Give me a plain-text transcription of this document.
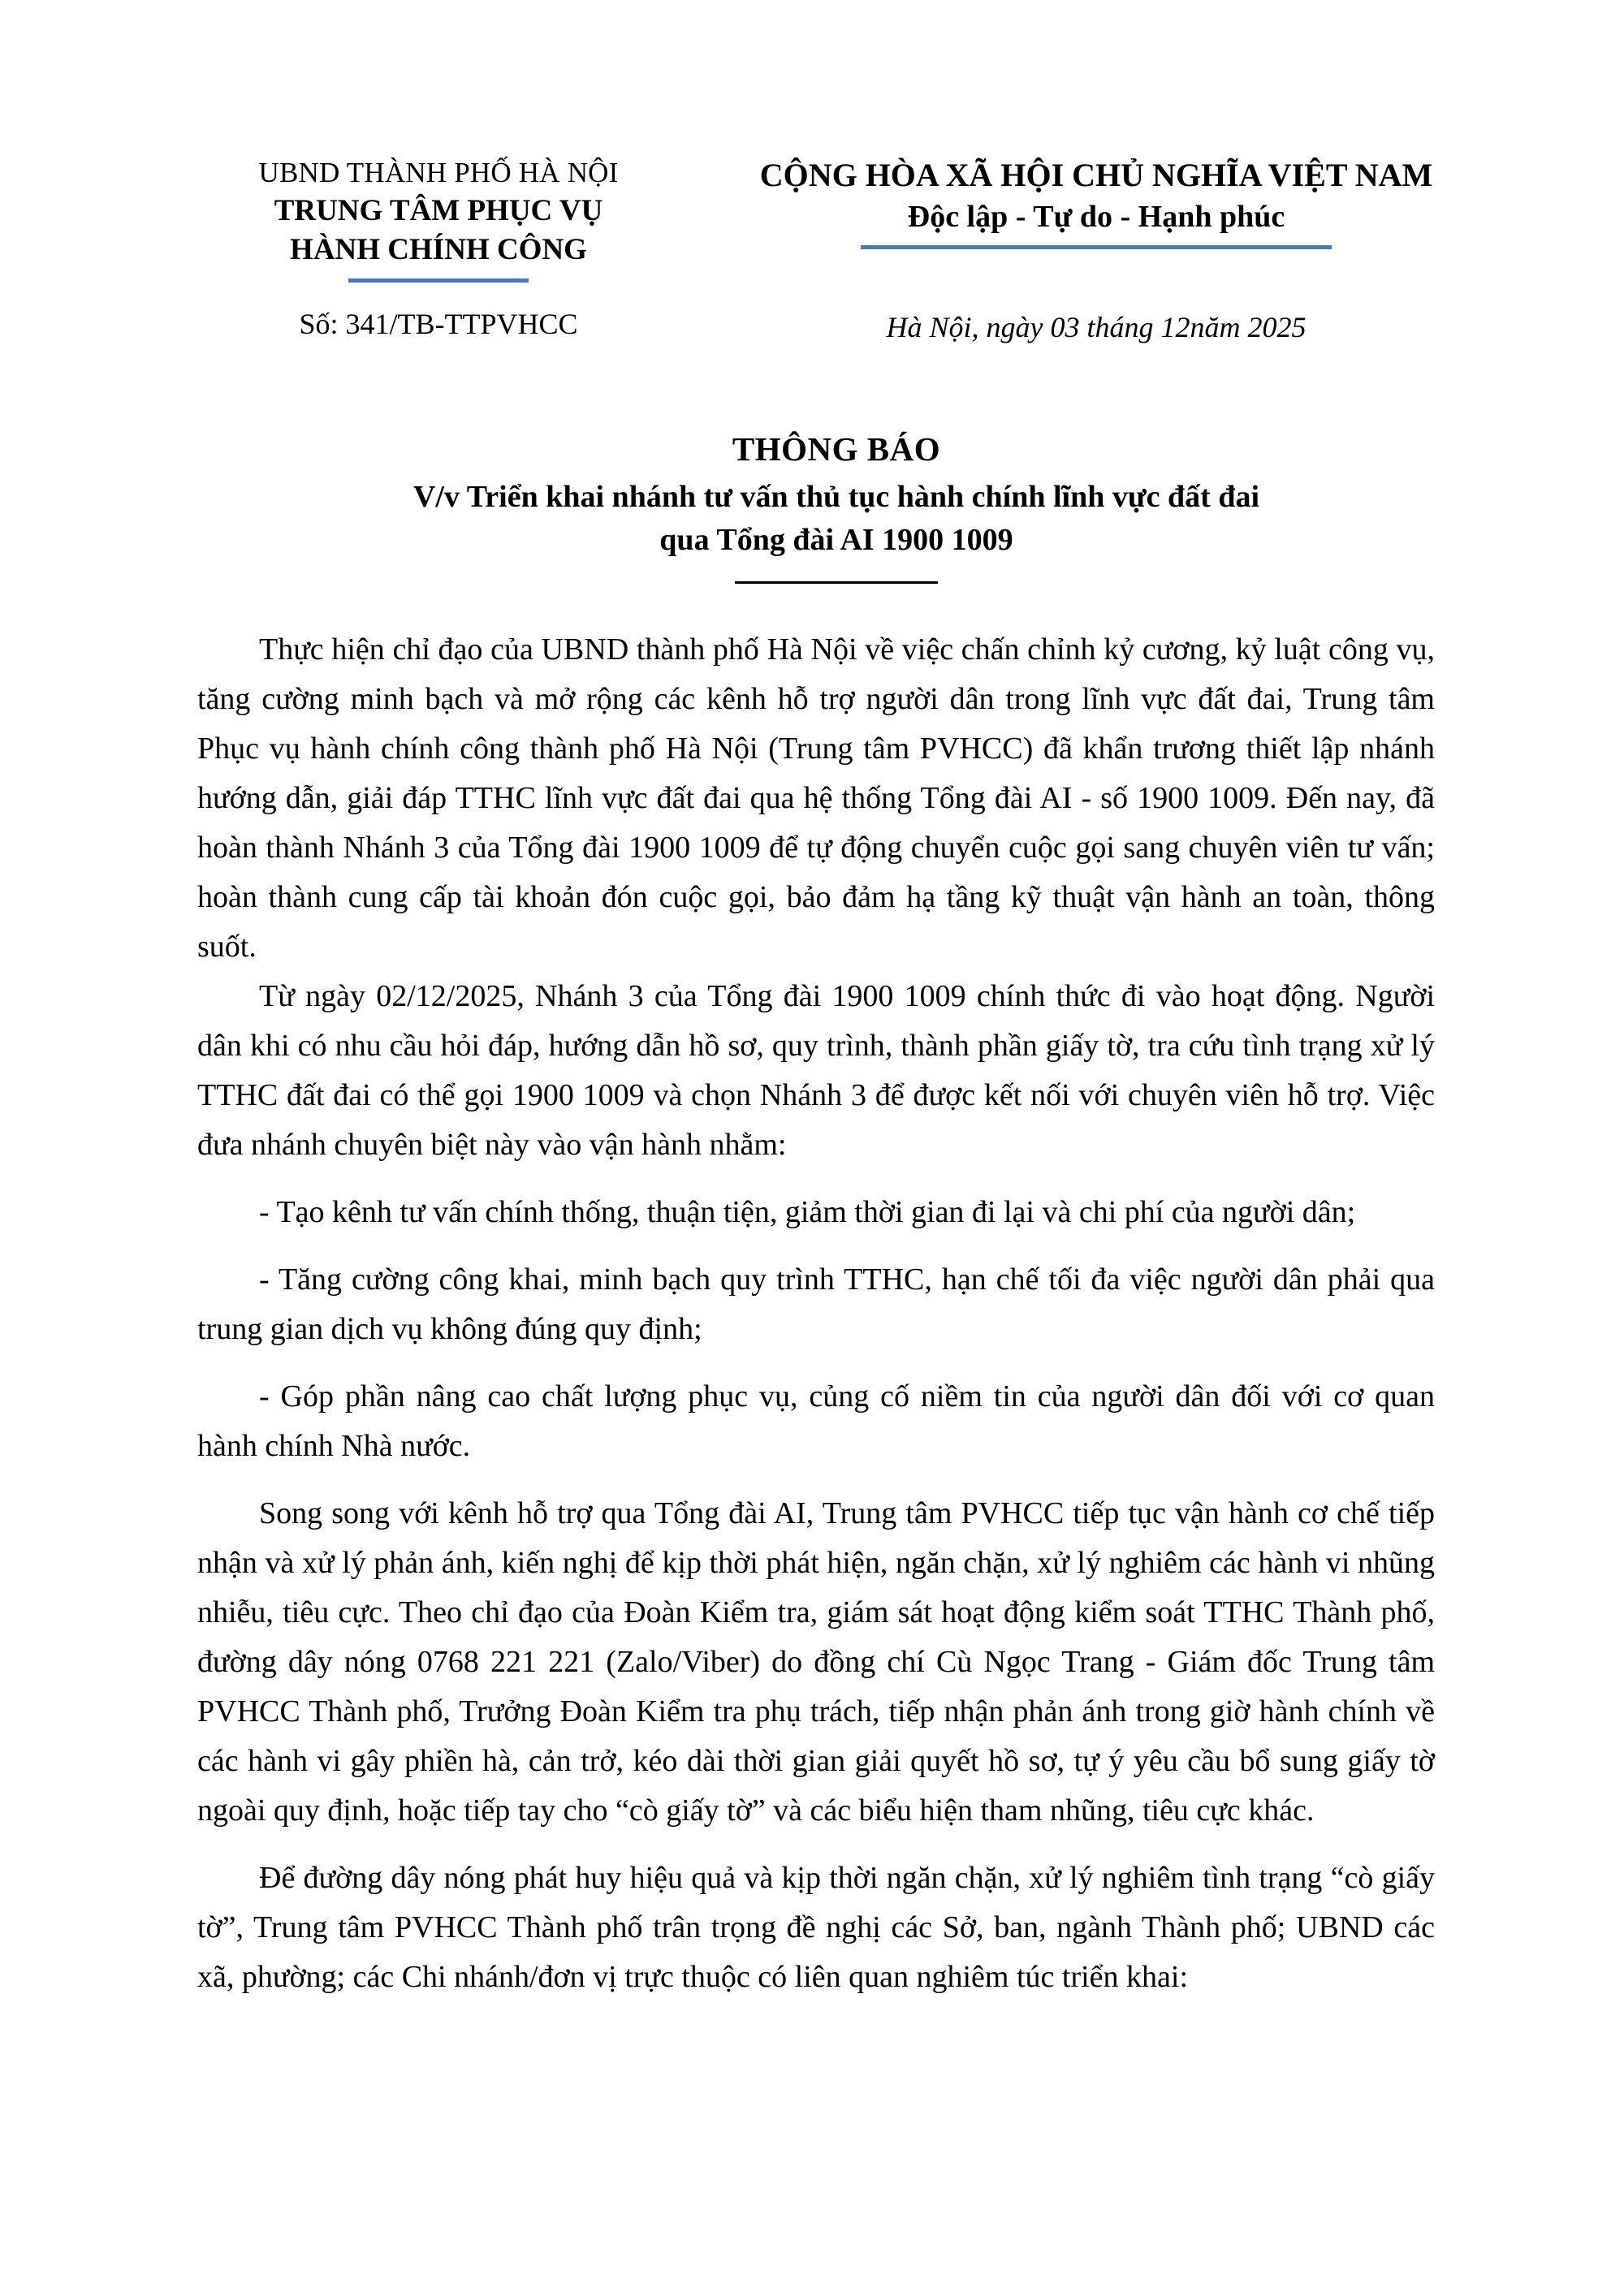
UBND THÀNH PHỐ HÀ NỘI
TRUNG TÂM PHỤC VỤ
HÀNH CHÍNH CÔNG
CỘNG HÒA XÃ HỘI CHỦ NGHĨA VIỆT NAM
Độc lập - Tự do - Hạnh phúc
Số: 341/TB-TTPVHCC	Hà Nội, ngày 03 tháng 12năm 2025
THÔNG BÁO
V/v Triển khai nhánh tư vấn thủ tục hành chính lĩnh vực đất đai
qua Tổng đài AI 1900 1009

Thực hiện chỉ đạo của UBND thành phố Hà Nội về việc chấn chỉnh kỷ cương, kỷ luật công vụ, tăng cường minh bạch và mở rộng các kênh hỗ trợ người dân trong lĩnh vực đất đai, Trung tâm Phục vụ hành chính công thành phố Hà Nội (Trung tâm PVHCC) đã khẩn trương thiết lập nhánh hướng dẫn, giải đáp TTHC lĩnh vực đất đai qua hệ thống Tổng đài AI - số 1900 1009. Đến nay, đã hoàn thành Nhánh 3 của Tổng đài 1900 1009 để tự động chuyển cuộc gọi sang chuyên viên tư vấn; hoàn thành cung cấp tài khoản đón cuộc gọi, bảo đảm hạ tầng kỹ thuật vận hành an toàn, thông suốt.

Từ ngày 02/12/2025, Nhánh 3 của Tổng đài 1900 1009 chính thức đi vào hoạt động. Người dân khi có nhu cầu hỏi đáp, hướng dẫn hồ sơ, quy trình, thành phần giấy tờ, tra cứu tình trạng xử lý TTHC đất đai có thể gọi 1900 1009 và chọn Nhánh 3 để được kết nối với chuyên viên hỗ trợ. Việc đưa nhánh chuyên biệt này vào vận hành nhằm:

- Tạo kênh tư vấn chính thống, thuận tiện, giảm thời gian đi lại và chi phí của người dân;

- Tăng cường công khai, minh bạch quy trình TTHC, hạn chế tối đa việc người dân phải qua trung gian dịch vụ không đúng quy định;

- Góp phần nâng cao chất lượng phục vụ, củng cố niềm tin của người dân đối với cơ quan hành chính Nhà nước.

Song song với kênh hỗ trợ qua Tổng đài AI, Trung tâm PVHCC tiếp tục vận hành cơ chế tiếp nhận và xử lý phản ánh, kiến nghị để kịp thời phát hiện, ngăn chặn, xử lý nghiêm các hành vi nhũng nhiễu, tiêu cực. Theo chỉ đạo của Đoàn Kiểm tra, giám sát hoạt động kiểm soát TTHC Thành phố, đường dây nóng 0768 221 221 (Zalo/Viber) do đồng chí Cù Ngọc Trang - Giám đốc Trung tâm PVHCC Thành phố, Trưởng Đoàn Kiểm tra phụ trách, tiếp nhận phản ánh trong giờ hành chính về các hành vi gây phiền hà, cản trở, kéo dài thời gian giải quyết hồ sơ, tự ý yêu cầu bổ sung giấy tờ ngoài quy định, hoặc tiếp tay cho “cò giấy tờ” và các biểu hiện tham nhũng, tiêu cực khác.

Để đường dây nóng phát huy hiệu quả và kịp thời ngăn chặn, xử lý nghiêm tình trạng “cò giấy tờ”, Trung tâm PVHCC Thành phố trân trọng đề nghị các Sở, ban, ngành Thành phố; UBND các xã, phường; các Chi nhánh/đơn vị trực thuộc có liên quan nghiêm túc triển khai:
